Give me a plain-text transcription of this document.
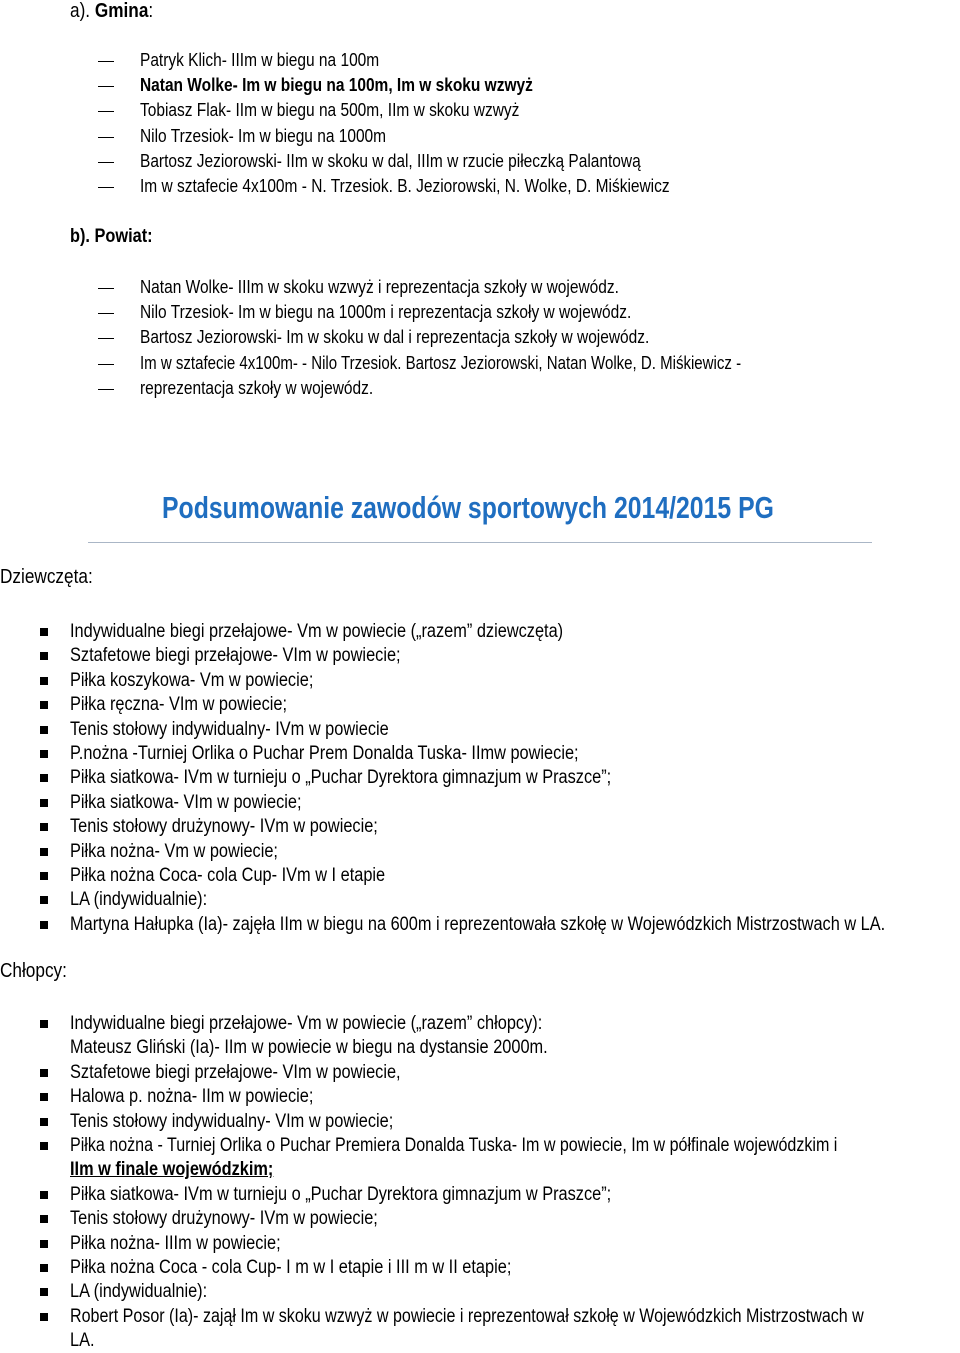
a). Gmina:
Patryk Klich- IIIm w biegu na 100m
Natan Wolke- Im w biegu na 100m, Im w skoku wzwyż
Tobiasz Flak- IIm w biegu na 500m, IIm w skoku wzwyż
Nilo Trzesiok- Im w biegu na 1000m
Bartosz Jeziorowski- IIm w skoku w dal, IIIm w rzucie piłeczką Palantową
Im w sztafecie 4x100m - N. Trzesiok. B. Jeziorowski, N. Wolke, D. Miśkiewicz
b). Powiat:
Natan Wolke- IIIm w skoku wzwyż i reprezentacja szkoły w wojewódz.
Nilo Trzesiok- Im w biegu na 1000m i reprezentacja szkoły w wojewódz.
Bartosz Jeziorowski- Im w skoku w dal i reprezentacja szkoły w wojewódz.
Im w sztafecie 4x100m- - Nilo Trzesiok. Bartosz Jeziorowski, Natan Wolke, D. Miśkiewicz -
reprezentacja szkoły w wojewódz.
Podsumowanie zawodów sportowych 2014/2015 PG
Dziewczęta:
Indywidualne biegi przełajowe- Vm w powiecie („razem” dziewczęta)
Sztafetowe biegi przełajowe- VIm w powiecie;
Piłka koszykowa- Vm w powiecie;
Piłka ręczna- VIm w powiecie;
Tenis stołowy indywidualny- IVm w powiecie
P.nożna -Turniej Orlika o Puchar Prem Donalda Tuska- IImw powiecie;
Piłka siatkowa- IVm w turnieju o „Puchar Dyrektora gimnazjum w Praszce”;
Piłka siatkowa- VIm w powiecie;
Tenis stołowy drużynowy- IVm w powiecie;
Piłka nożna- Vm w powiecie;
Piłka nożna Coca- cola Cup- IVm w I etapie
LA (indywidualnie):
Martyna Hałupka (Ia)- zajęła IIm w biegu na 600m i reprezentowała szkołę w Wojewódzkich Mistrzostwach w LA.
Chłopcy:
Indywidualne biegi przełajowe- Vm w powiecie („razem” chłopcy):
Mateusz Gliński (Ia)- IIm w powiecie w biegu na dystansie 2000m.
Sztafetowe biegi przełajowe- VIm w powiecie,
Halowa p. nożna- IIm w powiecie;
Tenis stołowy indywidualny- VIm w powiecie;
Piłka nożna - Turniej Orlika o Puchar Premiera Donalda Tuska- Im w powiecie, Im w półfinale wojewódzkim i
IIm w finale wojewódzkim;
Piłka siatkowa- IVm w turnieju o „Puchar Dyrektora gimnazjum w Praszce”;
Tenis stołowy drużynowy- IVm w powiecie;
Piłka nożna- IIIm w powiecie;
Piłka nożna Coca - cola Cup- I m w I etapie i III m w II etapie;
LA (indywidualnie):
Robert Posor (Ia)- zajął Im w skoku wzwyż w powiecie i reprezentował szkołę w Wojewódzkich Mistrzostwach w
LA.
